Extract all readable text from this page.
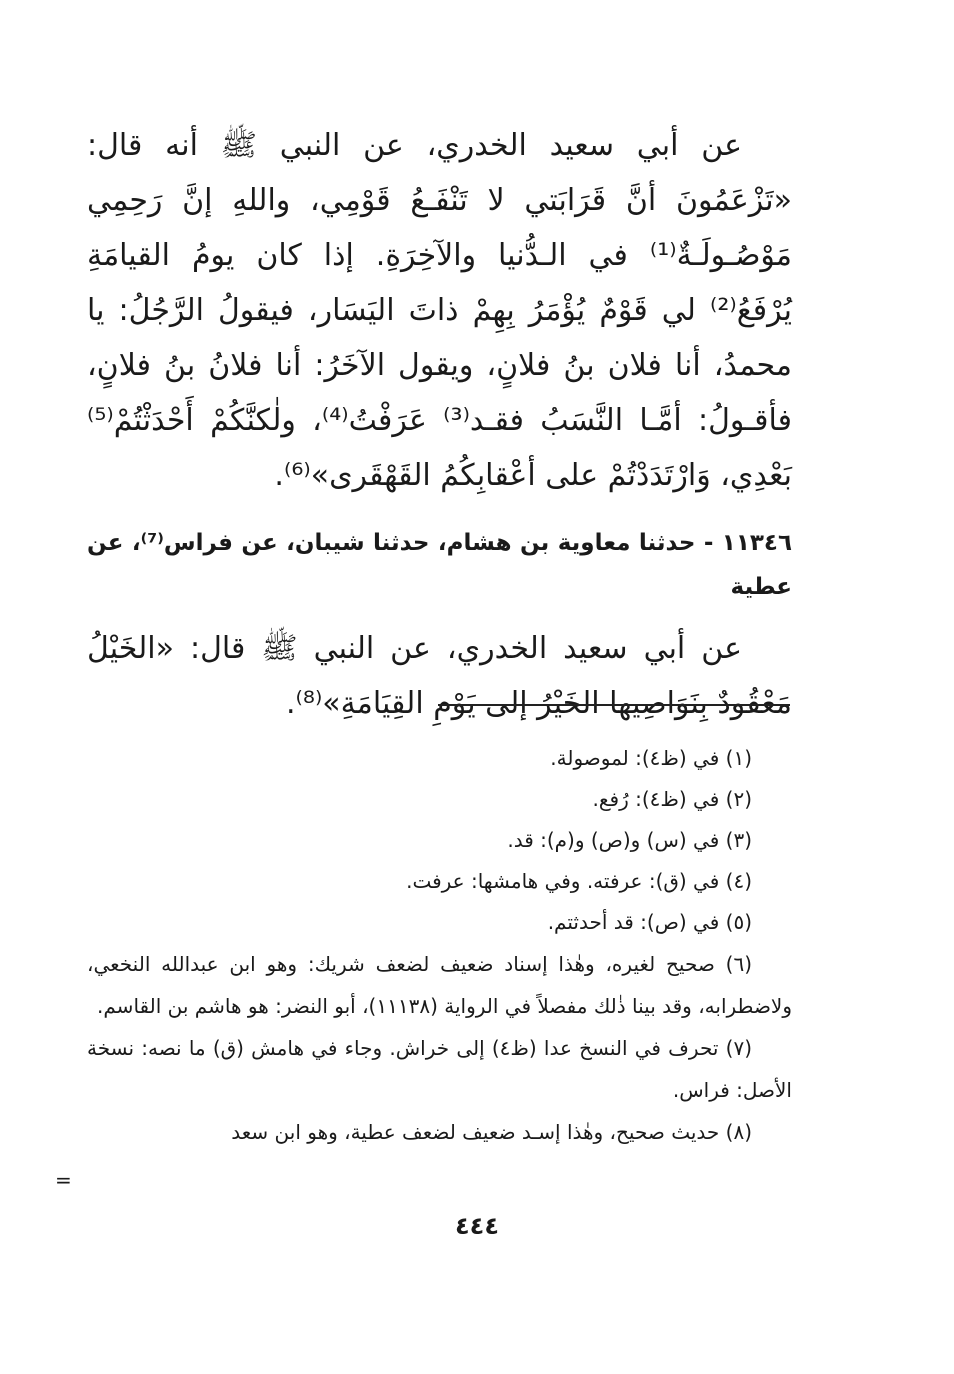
عن أبي سعيد الخدري، عن النبي ﷺ أنه قال: «تَزْعَمُونَ أنَّ قَرَابَتي لا تَنْفَـعُ قَوْمِي، واللهِ إنَّ رَحِمِي مَوْصُـولَـةٌ⁽¹⁾ في الـدُّنيا والآخِرَةِ. إذا كان يومُ القيامَةِ يُرْفَعُ⁽²⁾ لي قَوْمٌ يُؤْمَرُ بِهِمْ ذاتَ اليَسَار، فيقولُ الرَّجُلُ: يا محمدُ، أنا فلان بنُ فلانٍ، ويقول الآخَرُ: أنا فلانُ بنُ فلانٍ، فأقـولُ: أمَّـا النَّسَبُ فقـد⁽³⁾ عَرَفْتُ⁽⁴⁾، ولٰكنَّكُمْ أَحْدَثْتُمْ⁽⁵⁾ بَعْدِي، وَارْتَدَدْتُمْ على أعْقابِكُمُ القَهْقَرى»⁽⁶⁾.

١١٣٤٦ - حدثنا معاوية بن هشام، حدثنا شيبان، عن فراس⁽⁷⁾، عن عطية

عن أبي سعيد الخدري، عن النبي ﷺ قال: «الخَيْلُ مَعْقُودٌ بِنَوَاصِيها الخَيْرُ إلى يَوْمِ القِيَامَةِ»⁽⁸⁾.

(١) في (ظ٤): لموصولة.

(٢) في (ظ٤): رُفع.

(٣) في (س) و(ص) و(م): قد.

(٤) في (ق): عرفته. وفي هامشها: عرفت.

(٥) في (ص): قد أحدثتم.

(٦) صحيح لغيره، وهٰذا إسناد ضعيف لضعف شريك: وهو ابن عبدالله النخعي، ولاضطرابه، وقد بينا ذٰلك مفصلاً في الرواية (١١١٣٨)، أبو النضر: هو هاشم بن القاسم.

(٧) تحرف في النسخ عدا (ظ٤) إلى خراش. وجاء في هامش (ق) ما نصه: نسخة الأصل: فراس.

(٨) حديث صحيح، وهٰذا إسـد ضعيف لضعف عطية، وهو ابن سعد

=
٤٤٤
